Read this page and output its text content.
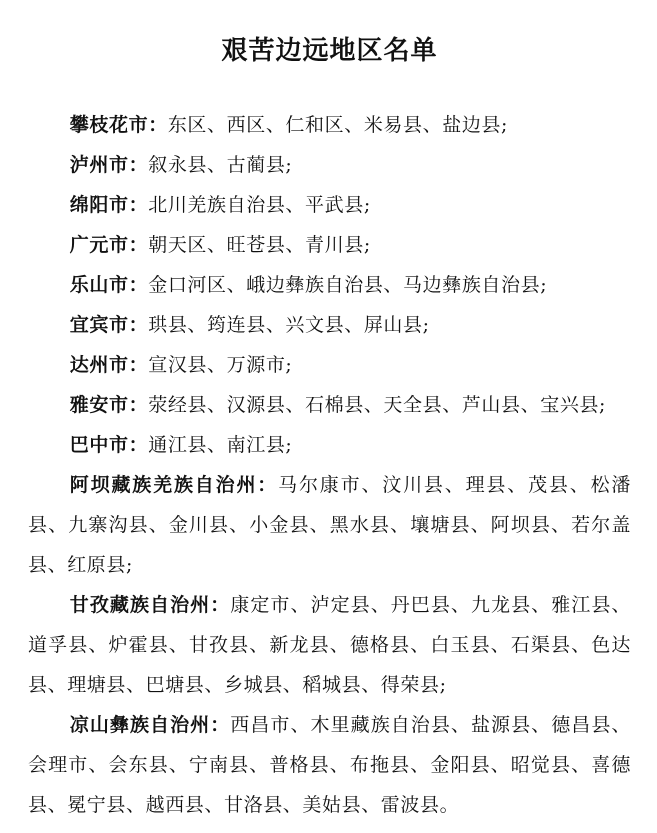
艰苦边远地区名单

攀枝花市：东区、西区、仁和区、米易县、盐边县;

泸州市：叙永县、古蔺县;

绵阳市：北川羌族自治县、平武县;

广元市：朝天区、旺苍县、青川县;

乐山市：金口河区、峨边彝族自治县、马边彝族自治县;

宜宾市：珙县、筠连县、兴文县、屏山县;

达州市：宣汉县、万源市;

雅安市：荥经县、汉源县、石棉县、天全县、芦山县、宝兴县;

巴中市：通江县、南江县;

阿坝藏族羌族自治州：马尔康市、汶川县、理县、茂县、松潘县、九寨沟县、金川县、小金县、黑水县、壤塘县、阿坝县、若尔盖县、红原县;

甘孜藏族自治州：康定市、泸定县、丹巴县、九龙县、雅江县、道孚县、炉霍县、甘孜县、新龙县、德格县、白玉县、石渠县、色达县、理塘县、巴塘县、乡城县、稻城县、得荣县;

凉山彝族自治州：西昌市、木里藏族自治县、盐源县、德昌县、会理市、会东县、宁南县、普格县、布拖县、金阳县、昭觉县、喜德县、冕宁县、越西县、甘洛县、美姑县、雷波县。
